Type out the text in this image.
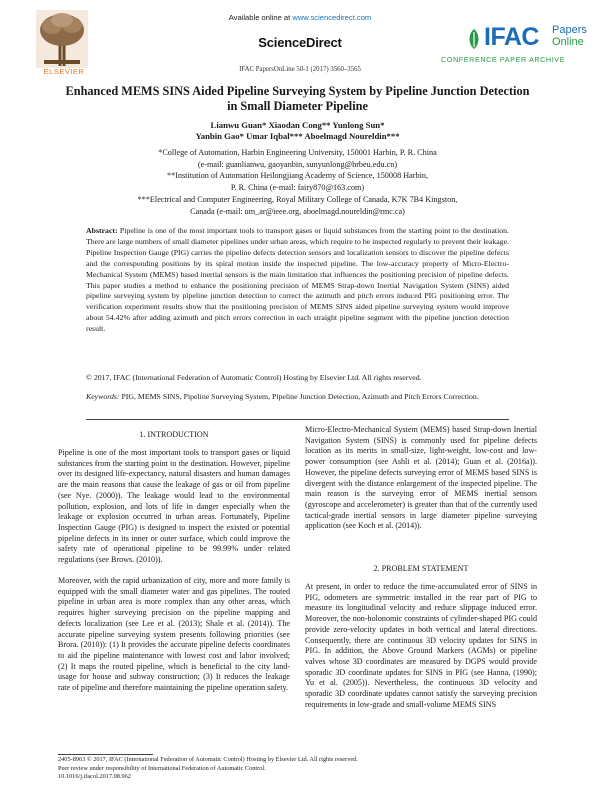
ELSEVIER
Available online at www.sciencedirect.com
ScienceDirect
IFAC PapersOnLine 50-1 (2017) 3560–3565
IFAC Papers
Online
CONFERENCE PAPER ARCHIVE
Enhanced MEMS SINS Aided Pipeline Surveying System by Pipeline Junction Detection in Small Diameter Pipeline
Lianwu Guan* Xiaodan Cong** Yunlong Sun*
Yanbin Gao* Umar Iqbal*** Aboelmagd Noureldin***
*College of Automation, Harbin Engineering University, 150001 Harbin, P. R. China
(e-mail: guanlianwu, gaoyanbin, sunyunlong@hrbeu.edu.cn)
**Institution of Automation Heilongjiang Academy of Science, 150008 Harbin,
P. R. China (e-mail: fairy870@163.com)
***Electrical and Computer Engineering, Royal Military College of Canada, K7K 7B4 Kingston,
Canada (e-mail: um_ar@ieee.org, aboelmagd.noureldin@rmc.ca)
Abstract: Pipeline is one of the most important tools to transport gases or liquid substances from the starting point to the destination. There are large numbers of small diameter pipelines under urban areas, which require to be inspected regularly to prevent their leakage. Pipeline Inspection Gauge (PIG) carries the pipeline defects detection sensors and localization sensors to discover the pipeline defects and the corresponding positions by its spiral motion inside the inspected pipeline. The low-accuracy property of Micro-Electro-Mechanical System (MEMS) based inertial sensors is the main limitation that influences the positioning precision of pipeline defects. This paper studies a method to enhance the positioning precision of MEMS Strap-down Inertial Navigation System (SINS) aided pipeline surveying system by pipeline junction detection to correct the azimuth and pitch errors induced PIG positioning error. The verification experiment results show that the positioning precision of MEMS SINS aided pipeline surveying system would improve about 54.42% after adding azimuth and pitch errors correction in each straight pipeline segment with the pipeline junction detection result.
© 2017, IFAC (International Federation of Automatic Control) Hosting by Elsevier Ltd. All rights reserved.
Keywords: PIG, MEMS SINS, Pipeline Surveying System, Pipeline Junction Detection, Azimuth and Pitch Errors Correction.
1. INTRODUCTION

Pipeline is one of the most important tools to transport gases or liquid substances from the starting point to the destination. However, pipeline over its designed life-expectancy, natural disasters and human damages are the main reasons that cause the leakage of gas or oil from pipeline (see Nye. (2000)). The leakage would lead to the environmental pollution, explosion, and lots of life in danger especially when the leakage or explosion occurred in urban areas. Fortunately, Pipeline Inspection Gauge (PIG) is designed to inspect the existed or potential pipeline defects in its inner or outer surface, which could improve the safety rate of operational pipeline to be 99.99% under related regulations (see Brows. (2010)).

Moreover, with the rapid urbanization of city, more and more family is equipped with the small diameter water and gas pipelines. The routed pipeline in urban area is more complex than any other areas, which requires higher surveying precision on the pipeline mapping and defects localization (see Lee et al. (2013); Shale et al. (2014)). The accurate pipeline surveying system presents following priorities (see Brora. (2010)): (1) It provides the accurate pipeline defects coordinates to aid the pipeline maintenance with lowest cost and labor involved; (2) It maps the routed pipeline, which is beneficial to the city land-usage for house and subway construction; (3) It reduces the leakage rate of pipeline and therefore maintaining the pipeline operation safety.

Micro-Electro-Mechanical System (MEMS) based Strap-down Inertial Navigation System (SINS) is commonly used for pipeline defects location as its merits in small-size, light-weight, low-cost and low-power consumption (see Ashli et al. (2014); Guan et al. (2016a)). However, the pipeline defects surveying error of MEMS based SINS is divergent with the distance enlargement of the inspected pipeline. The main reason is the surveying error of MEMS inertial sensors (gyroscope and accelerometer) is greater than that of the currently used tactical-grade inertial sensors in large diameter pipeline surveying application (see Koch et al. (2014)).

2. PROBLEM STATEMENT

At present, in order to reduce the time-accumulated error of SINS in PIG, odometers are symmetric installed in the rear part of PIG to measure its longitudinal velocity and reduce slippage induced error. Moreover, the non-holonomic constraints of cylinder-shaped PIG could provide zero-velocity updates in both vertical and lateral directions. Consequently, there are continuous 3D velocity updates for SINS in PIG. In addition, the Above Ground Markers (AGMs) or pipeline valves whose 3D coordinates are measured by DGPS would provide sporadic 3D coordinate updates for SINS in PIG (see Hanna, (1990); Yu et al. (2005)). Nevertheless, the continuous 3D velocity and sporadic 3D coordinate updates cannot satisfy the surveying precision requirements in low-grade and small-volume MEMS SINS

2405-8963 © 2017, IFAC (International Federation of Automatic Control) Hosting by Elsevier Ltd. All rights reserved.
Peer review under responsibility of International Federation of Automatic Control.
10.1016/j.ifacol.2017.08.962
